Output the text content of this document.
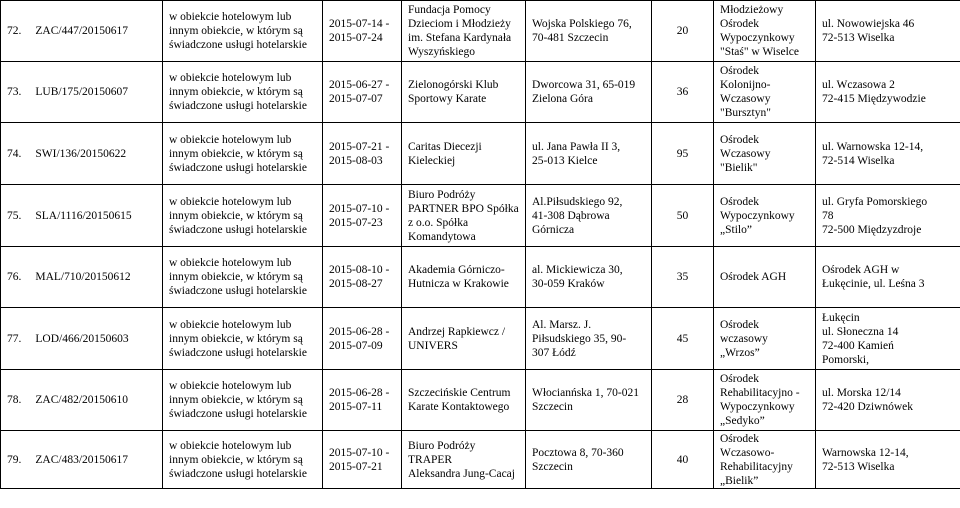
72. ZAC/447/20150617	w obiekcie hotelowym lub
innym obiekcie, w którym są
świadczone usługi hotelarskie	2015-07-14 -
2015-07-24	Fundacja Pomocy
Dzieciom i Młodzieży
im. Stefana Kardynała
Wyszyńskiego	Wojska Polskiego 76,
70-481 Szczecin	20	Młodzieżowy
Ośrodek
Wypoczynkowy
"Staś" w Wiselce	ul. Nowowiejska 46
72-513 Wiselka

73. LUB/175/20150607	w obiekcie hotelowym lub
innym obiekcie, w którym są
świadczone usługi hotelarskie	2015-06-27 -
2015-07-07	Zielonogórski Klub
Sportowy Karate	Dworcowa 31, 65-019
Zielona Góra	36	Ośrodek
Kolonijno-
Wczasowy
"Bursztyn"	ul. Wczasowa 2
72-415 Międzywodzie

74. SWI/136/20150622	w obiekcie hotelowym lub
innym obiekcie, w którym są
świadczone usługi hotelarskie	2015-07-21 -
2015-08-03	Caritas Diecezji
Kieleckiej	ul. Jana Pawła II 3,
25-013 Kielce	95	Ośrodek
Wczasowy
"Bielik"	ul. Warnowska 12-14,
72-514 Wiselka

75. SLA/1116/20150615	w obiekcie hotelowym lub
innym obiekcie, w którym są
świadczone usługi hotelarskie	2015-07-10 -
2015-07-23	Biuro Podróży
PARTNER BPO Spółka
z o.o. Spółka
Komandytowa	Al.Piłsudskiego 92,
41-308 Dąbrowa
Górnicza	50	Ośrodek
Wypoczynkowy
„Stilo”	ul. Gryfa Pomorskiego
78
72-500 Międzyzdroje

76. MAL/710/20150612	w obiekcie hotelowym lub
innym obiekcie, w którym są
świadczone usługi hotelarskie	2015-08-10 -
2015-08-27	Akademia Górniczo-
Hutnicza w Krakowie	al. Mickiewicza 30,
30-059 Kraków	35	Ośrodek AGH	Ośrodek AGH w
Łukęcinie, ul. Leśna 3

77. LOD/466/20150603	w obiekcie hotelowym lub
innym obiekcie, w którym są
świadczone usługi hotelarskie	2015-06-28 -
2015-07-09	Andrzej Rapkiewcz /
UNIVERS	Al. Marsz. J.
Piłsudskiego 35, 90-
307 Łódź	45	Ośrodek
wczasowy
„Wrzos”	Łukęcin
ul. Słoneczna 14
72-400 Kamień
Pomorski,

78. ZAC/482/20150610	w obiekcie hotelowym lub
innym obiekcie, w którym są
świadczone usługi hotelarskie	2015-06-28 -
2015-07-11	Szczecińskie Centrum
Karate Kontaktowego	Włocianńska 1, 70-021
Szczecin	28	Ośrodek
Rehabilitacyjno -
Wypoczynkowy
„Sedyko”	ul. Morska 12/14
72-420 Dziwnówek

79. ZAC/483/20150617	w obiekcie hotelowym lub
innym obiekcie, w którym są
świadczone usługi hotelarskie	2015-07-10 -
2015-07-21	Biuro Podróży TRAPER
Aleksandra Jung-Cacaj	Pocztowa 8, 70-360
Szczecin	40	Ośrodek
Wczasowo-
Rehabilitacyjny
„Bielik”	Warnowska 12-14,
72-513 Wiselka
